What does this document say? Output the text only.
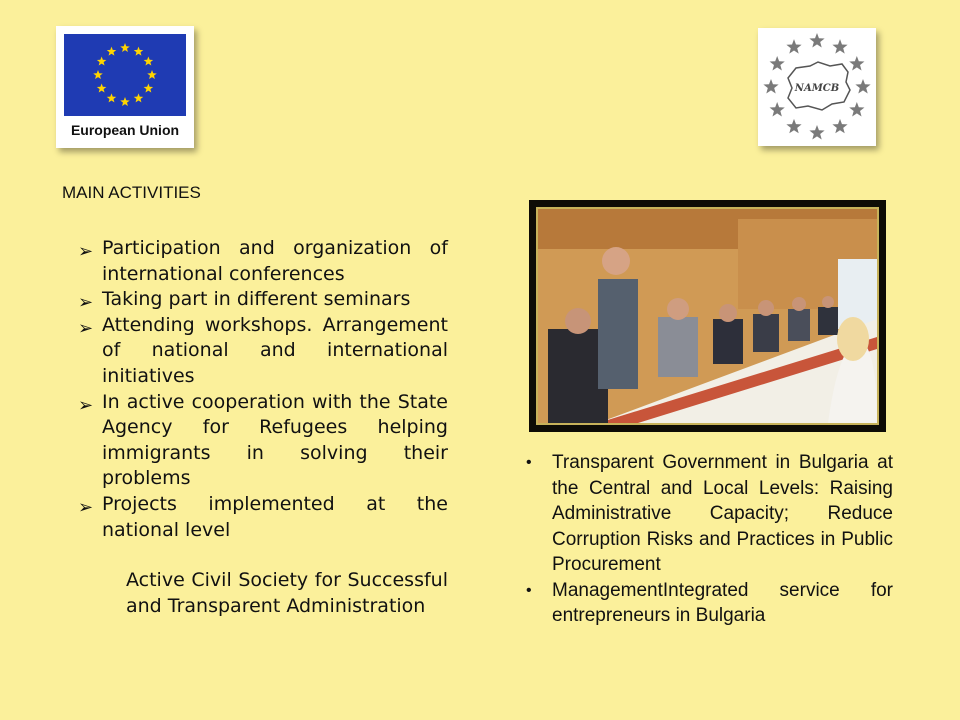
European Union
NAMCB
MAIN ACTIVITIES
➢ Participation and organization of international conferences
➢ Taking part in different seminars
➢ Attending workshops. Arrangement of national and international initiatives
➢ In active cooperation with the State Agency for Refugees helping immigrants in solving their problems
➢ Projects implemented at the national level
Active Civil Society for Successful and Transparent Administration
• Transparent Government in Bulgaria at the Central and Local Levels: Raising Administrative Capacity; Reduce Corruption Risks and Practices in Public Procurement
• ManagementIntegrated service for entrepreneurs in Bulgaria
